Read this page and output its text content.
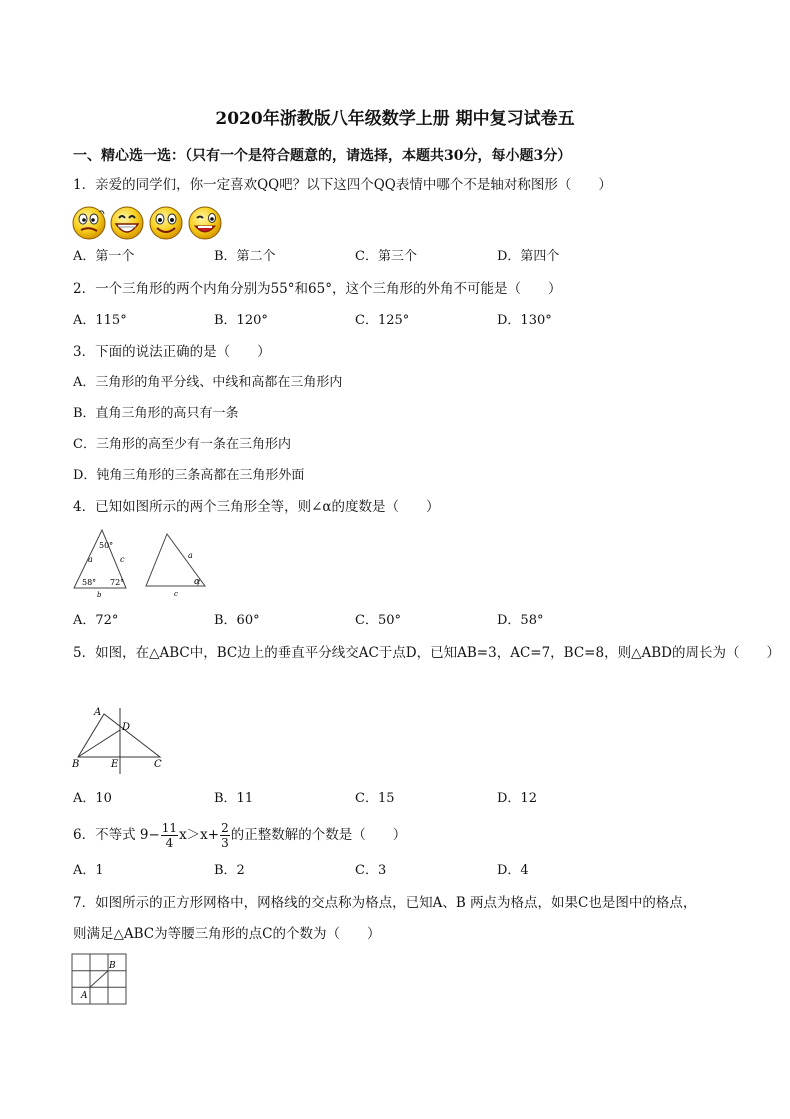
2020年浙教版八年级数学上册 期中复习试卷五
一、精心选一选：（只有一个是符合题意的，请选择，本题共30分，每小题3分）
1．亲爱的同学们，你一定喜欢QQ吧？以下这四个QQ表情中哪个不是轴对称图形（　　）
A．第一个	B．第二个	C．第三个	D．第四个
2．一个三角形的两个内角分别为55°和65°，这个三角形的外角不可能是（　　）
A．115°	B．120°	C．125°	D．130°
3．下面的说法正确的是（　　）
A．三角形的角平分线、中线和高都在三角形内
B．直角三角形的高只有一条
C．三角形的高至少有一条在三角形内
D．钝角三角形的三条高都在三角形外面
4．已知如图所示的两个三角形全等，则∠α的度数是（　　）
a	c
50°
58° 72°
b
a
c
α
A．72°	B．60°	C．50°	D．58°
5．如图，在△ABC中，BC边上的垂直平分线交AC于点D，已知AB=3，AC=7，BC=8，则△ABD的周长为（　　）
A
D
B	E	C
A．10	B．11	C．15	D．12
6．不等式 $9- \frac{11}{4} x>x+ \frac{2}{3}$ 的正整数解的个数是（　　）
A．1	B．2	C．3	D．4
7．如图所示的正方形网格中，网格线的交点称为格点，已知A、B 两点为格点，如果C也是图中的格点，
则满足△ABC为等腰三角形的点C的个数为（　　）
B
A
